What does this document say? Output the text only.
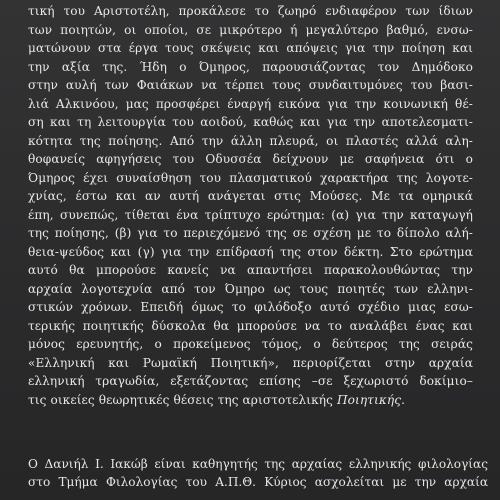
τική του Αριστοτέλη, προκάλεσε το ζωηρό ενδιαφέρον των ίδιων
των ποιητών, οι οποίοι, σε μικρότερο ή μεγαλύτερο βαθμό, ενσω-
ματώνουν στα έργα τους σκέψεις και απόψεις για την ποίηση και
την αξία της. Ήδη ο Όμηρος, παρουσιάζοντας τον Δημόδοκο
στην αυλή των Φαιάκων να τέρπει τους συνδαιτυμόνες του βασι-
λιά Αλκινόου, μας προσφέρει έναργή εικόνα για την κοινωνική θέ-
ση και τη λειτουργία του αοιδού, καθώς και για την αποτελεσματι-
κότητα της ποίησης. Από την άλλη πλευρά, οι πλαστές αλλά αλη-
θοφανείς αφηγήσεις του Οδυσσέα δείχνουν με σαφήνεια ότι ο
Όμηρος έχει συναίσθηση του πλασματικού χαρακτήρα της λογοτε-
χνίας, έστω και αν αυτή ανάγεται στις Μούσες. Με τα ομηρικά
έπη, συνεπώς, τίθεται ένα τρίπτυχο ερώτημα: (α) για την καταγωγή
της ποίησης, (β) για το περιεχόμενό της σε σχέση με το δίπολο αλή-
θεια-ψεύδος και (γ) για την επίδρασή της στον δέκτη. Στο ερώτημα
αυτό θα μπορούσε κανείς να απαντήσει παρακολουθώντας την
αρχαία λογοτεχνία από τον Όμηρο ως τους ποιητές των ελληνι-
στικών χρόνων. Επειδή όμως το φιλόδοξο αυτό σχέδιο μιας εσω-
τερικής ποιητικής δύσκολα θα μπορούσε να το αναλάβει ένας και
μόνος ερευνητής, ο προκείμενος τόμος, ο δεύτερος της σειράς
«Ελληνική και Ρωμαϊκή Ποιητική», περιορίζεται στην αρχαία
ελληνική τραγωδία, εξετάζοντας επίσης –σε ξεχωριστό δοκίμιο–
τις οικείες θεωρητικές θέσεις της αριστοτελικής Ποιητικής.
Ο Δανιήλ Ι. Ιακώβ είναι καθηγητής της αρχαίας ελληνικής φιλολογίας
στο Τμήμα Φιλολογίας του Α.Π.Θ. Κύριος ασχολείται με την αρχαία
